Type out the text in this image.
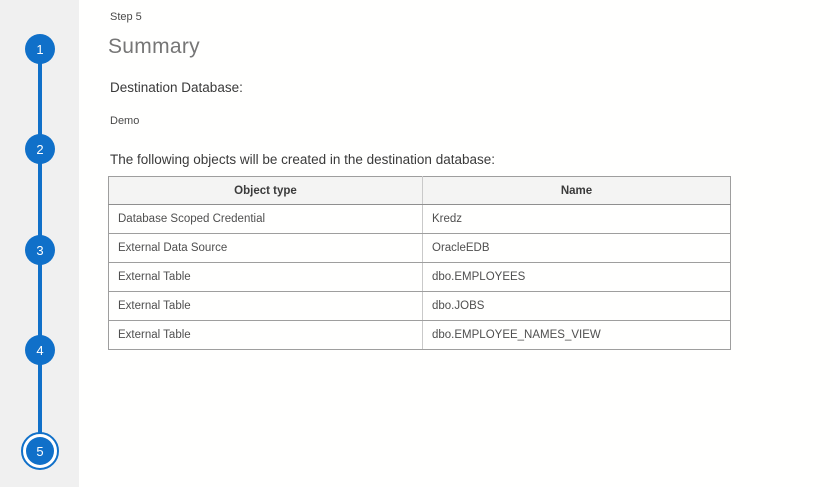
1
2
3
4
5
Step 5
Summary
Destination Database:
Demo
The following objects will be created in the destination database:
Object type	Name
Database Scoped Credential	Kredz
External Data Source	OracleEDB
External Table	dbo.EMPLOYEES
External Table	dbo.JOBS
External Table	dbo.EMPLOYEE_NAMES_VIEW
